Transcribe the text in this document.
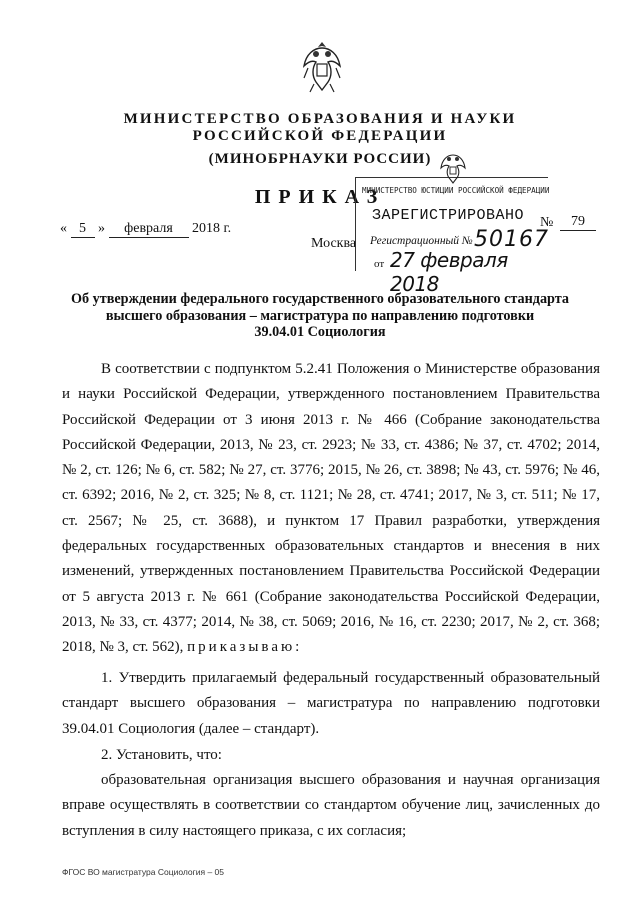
МИНИСТЕРСТВО ОБРАЗОВАНИЯ И НАУКИ
РОССИЙСКОЙ ФЕДЕРАЦИИ
(МИНОБРНАУКИ РОССИИ)
ПРИКАЗ
« 5 » февраля 2018 г.
Москва
№	79
МИНИСТЕРСТВО ЮСТИЦИИ РОССИЙСКОЙ ФЕДЕРАЦИИ
ЗАРЕГИСТРИРОВАНО
Регистрационный № 50167
от 27 февраля 2018
Об утверждении федерального государственного образовательного стандарта
высшего образования – магистратура по направлению подготовки
39.04.01 Социология
В соответствии с подпунктом 5.2.41 Положения о Министерстве образования
и науки Российской Федерации, утвержденного постановлением Правительства
Российской Федерации от 3 июня 2013 г. № 466 (Собрание законодательства
Российской Федерации, 2013, № 23, ст. 2923; № 33, ст. 4386; № 37, ст. 4702; 2014,
№ 2, ст. 126; № 6, ст. 582; № 27, ст. 3776; 2015, № 26, ст. 3898; № 43, ст. 5976; № 46,
ст. 6392; 2016, № 2, ст. 325; № 8, ст. 1121; № 28, ст. 4741; 2017, № 3, ст. 511; № 17,
ст. 2567; № 25, ст. 3688), и пунктом 17 Правил разработки, утверждения
федеральных государственных образовательных стандартов и внесения в них
изменений, утвержденных постановлением Правительства Российской Федерации
от 5 августа 2013 г. № 661 (Собрание законодательства Российской Федерации,
2013, № 33, ст. 4377; 2014, № 38, ст. 5069; 2016, № 16, ст. 2230; 2017, № 2, ст. 368;
2018, № 3, ст. 562), приказываю:
1. Утвердить прилагаемый федеральный государственный образовательный
стандарт высшего образования – магистратура по направлению подготовки
39.04.01 Социология (далее – стандарт).
2. Установить, что:
образовательная организация высшего образования и научная организация
вправе осуществлять в соответствии со стандартом обучение лиц, зачисленных до
вступления в силу настоящего приказа, с их согласия;
ФГОС ВО магистратура Социология – 05
